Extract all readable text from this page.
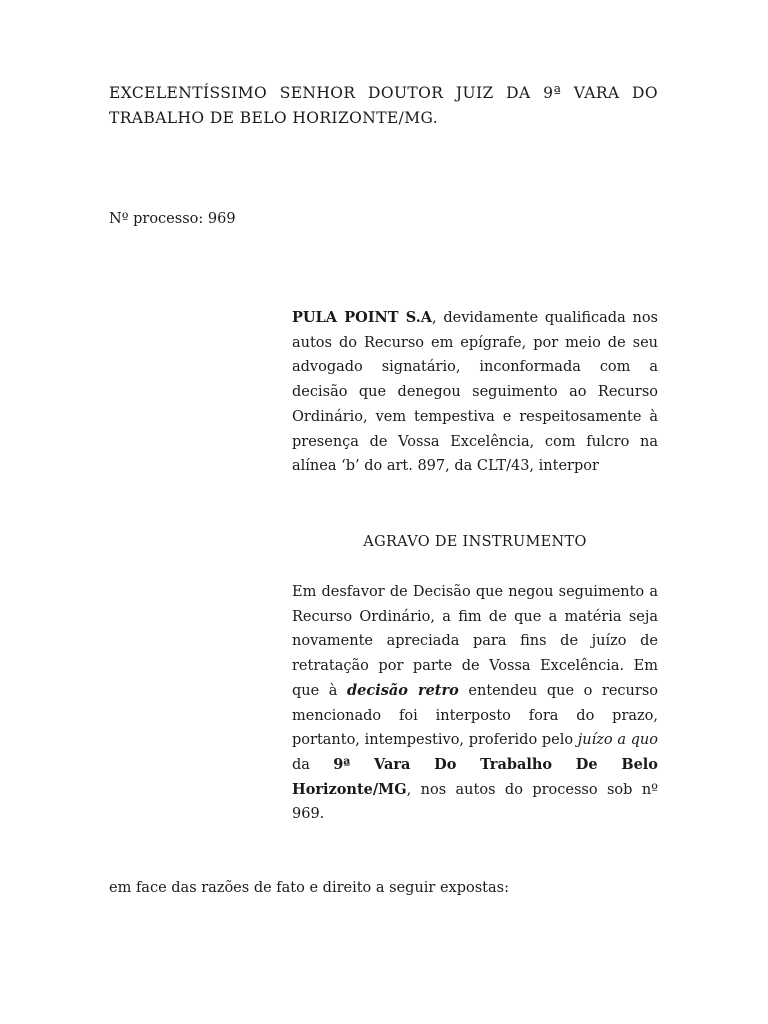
EXCELENTÍSSIMO SENHOR DOUTOR JUIZ DA 9ª VARA DO
TRABALHO DE BELO HORIZONTE/MG.

Nº processo: 969

PULA POINT S.A, devidamente qualificada nos autos do Recurso em epígrafe, por meio de seu advogado signatário, inconformada com a decisão que denegou seguimento ao Recurso Ordinário, vem tempestiva e respeitosamente à presença de Vossa Excelência, com fulcro na alínea ‘b’ do art. 897, da CLT/43, interpor

AGRAVO DE INSTRUMENTO

Em desfavor de Decisão que negou seguimento a Recurso Ordinário, a fim de que a matéria seja novamente apreciada para fins de juízo de retratação por parte de Vossa Excelência. Em que à decisão retro entendeu que o recurso mencionado foi interposto fora do prazo, portanto, intempestivo, proferido pelo juízo a quo da 9ª Vara Do Trabalho De Belo Horizonte/MG, nos autos do processo sob nº 969.

em face das razões de fato e direito a seguir expostas:
